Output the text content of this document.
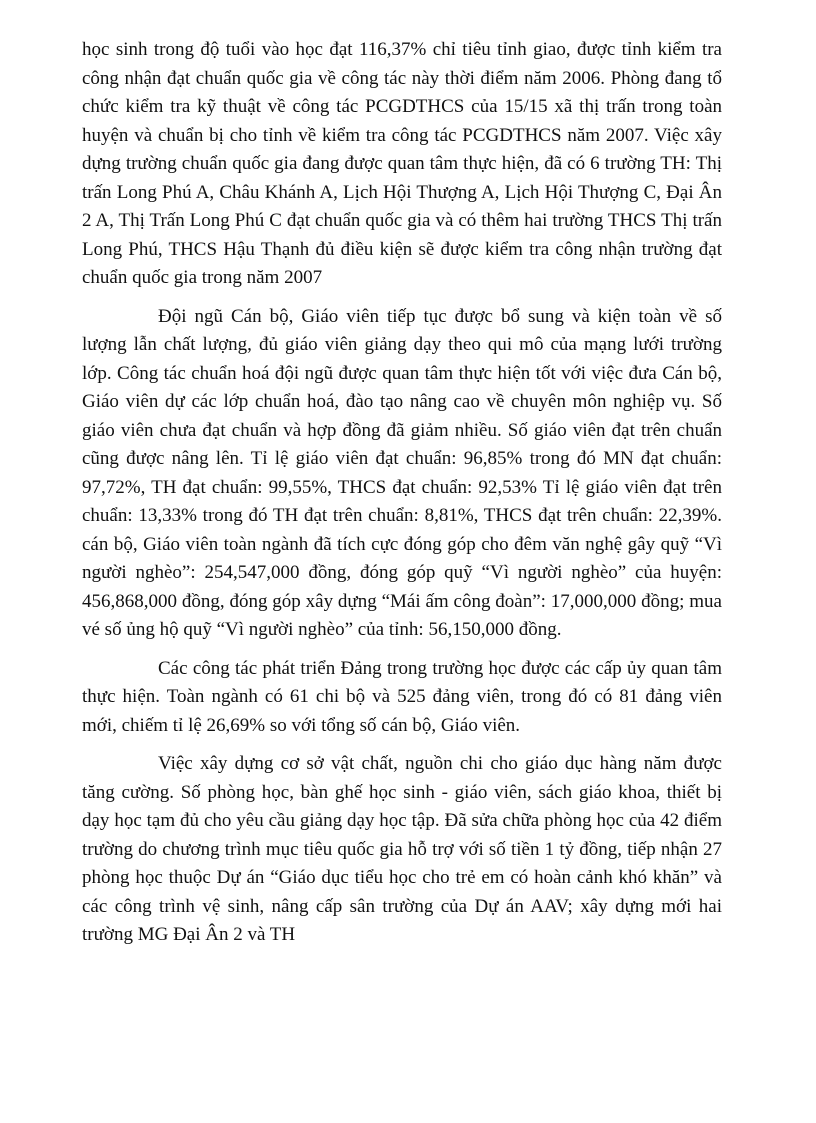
học sinh trong độ tuổi vào học đạt 116,37% chỉ tiêu tỉnh giao, được tỉnh kiểm tra công nhận đạt chuẩn quốc gia về công tác này thời điểm năm 2006. Phòng đang tổ chức kiểm tra kỹ thuật về công tác PCGDTHCS của 15/15 xã thị trấn trong toàn huyện và chuẩn bị cho tỉnh về kiểm tra công tác PCGDTHCS năm 2007. Việc xây dựng trường chuẩn quốc gia đang được quan tâm thực hiện, đã có 6 trường TH: Thị trấn Long Phú A, Châu Khánh A, Lịch Hội Thượng A, Lịch Hội Thượng C, Đại Ân 2 A, Thị Trấn Long Phú C đạt chuẩn quốc gia và có thêm hai trường THCS Thị trấn Long Phú, THCS Hậu Thạnh đủ điều kiện sẽ được kiểm tra công nhận trường đạt chuẩn quốc gia trong năm 2007

Đội ngũ Cán bộ, Giáo viên tiếp tục được bổ sung và kiện toàn về số lượng lẫn chất lượng, đủ giáo viên giảng dạy theo qui mô của mạng lưới trường lớp. Công tác chuẩn hoá đội ngũ được quan tâm thực hiện tốt với việc đưa Cán bộ, Giáo viên dự các lớp chuẩn hoá, đào tạo nâng cao về chuyên môn nghiệp vụ. Số giáo viên chưa đạt chuẩn và hợp đồng đã giảm nhiều. Số giáo viên đạt trên chuẩn cũng được nâng lên. Tỉ lệ giáo viên đạt chuẩn: 96,85% trong đó MN đạt chuẩn: 97,72%, TH đạt chuẩn: 99,55%, THCS đạt chuẩn: 92,53% Tỉ lệ giáo viên đạt trên chuẩn: 13,33% trong đó TH đạt trên chuẩn: 8,81%, THCS đạt trên chuẩn: 22,39%. cán bộ, Giáo viên toàn ngành đã tích cực đóng góp cho đêm văn nghệ gây quỹ “Vì người nghèo”: 254,547,000 đồng, đóng góp quỹ “Vì người nghèo” của huyện: 456,868,000 đồng, đóng góp xây dựng “Mái ấm công đoàn”: 17,000,000 đồng; mua vé số ủng hộ quỹ “Vì người nghèo” của tỉnh: 56,150,000 đồng.

Các công tác phát triển Đảng trong trường học được các cấp ủy quan tâm thực hiện. Toàn ngành có 61 chi bộ và 525 đảng viên, trong đó có 81 đảng viên mới, chiếm tỉ lệ 26,69% so với tổng số cán bộ, Giáo viên.

Việc xây dựng cơ sở vật chất, nguồn chi cho giáo dục hàng năm được tăng cường. Số phòng học, bàn ghế học sinh - giáo viên, sách giáo khoa, thiết bị dạy học tạm đủ cho yêu cầu giảng dạy học tập. Đã sửa chữa phòng học của 42 điểm trường do chương trình mục tiêu quốc gia hỗ trợ với số tiền 1 tỷ đồng, tiếp nhận 27 phòng học thuộc Dự án “Giáo dục tiểu học cho trẻ em có hoàn cảnh khó khăn” và các công trình vệ sinh, nâng cấp sân trường của Dự án AAV; xây dựng mới hai trường MG Đại Ân 2 và TH
